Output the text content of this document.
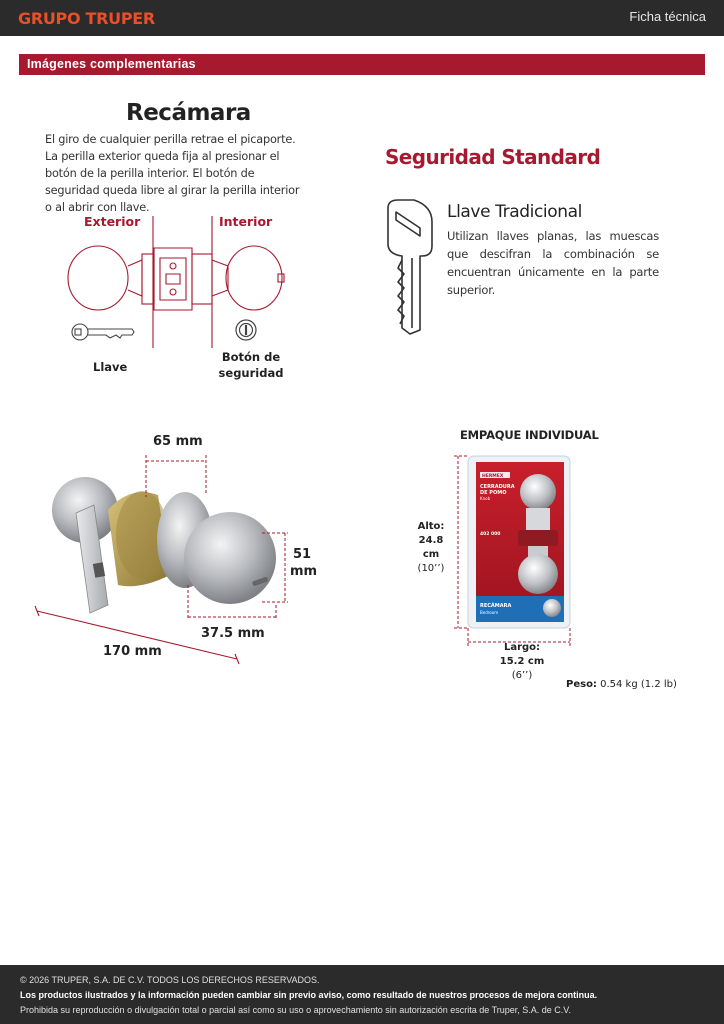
GRUPO TRUPER	Ficha técnica
Imágenes complementarias
Recámara
El giro de cualquier perilla retrae el picaporte. La perilla exterior queda fija al presionar el botón de la perilla interior. El botón de seguridad queda libre al girar la perilla interior o al abrir con llave.
Exterior	Interior
Llave
Botón de
seguridad
Seguridad Standard
Llave Tradicional
Utilizan llaves planas, las muescas que descifran la combinación se encuentran únicamente en la parte superior.
65 mm
51
mm
37.5 mm
170 mm
EMPAQUE INDIVIDUAL
HERMEX
CERRADURA
DE POMO
Knob
402 000
RECÁMARA
Bedroom
Alto:
24.8 cm
(10’’)
Largo:
15.2 cm
(6’’)
Peso: 0.54 kg (1.2 lb)
© 2026 TRUPER, S.A. DE C.V. TODOS LOS DERECHOS RESERVADOS.
Los productos ilustrados y la información pueden cambiar sin previo aviso, como resultado de nuestros procesos de mejora continua.
Prohibida su reproducción o divulgación total o parcial así como su uso o aprovechamiento sin autorización escrita de Truper, S.A. de C.V.
